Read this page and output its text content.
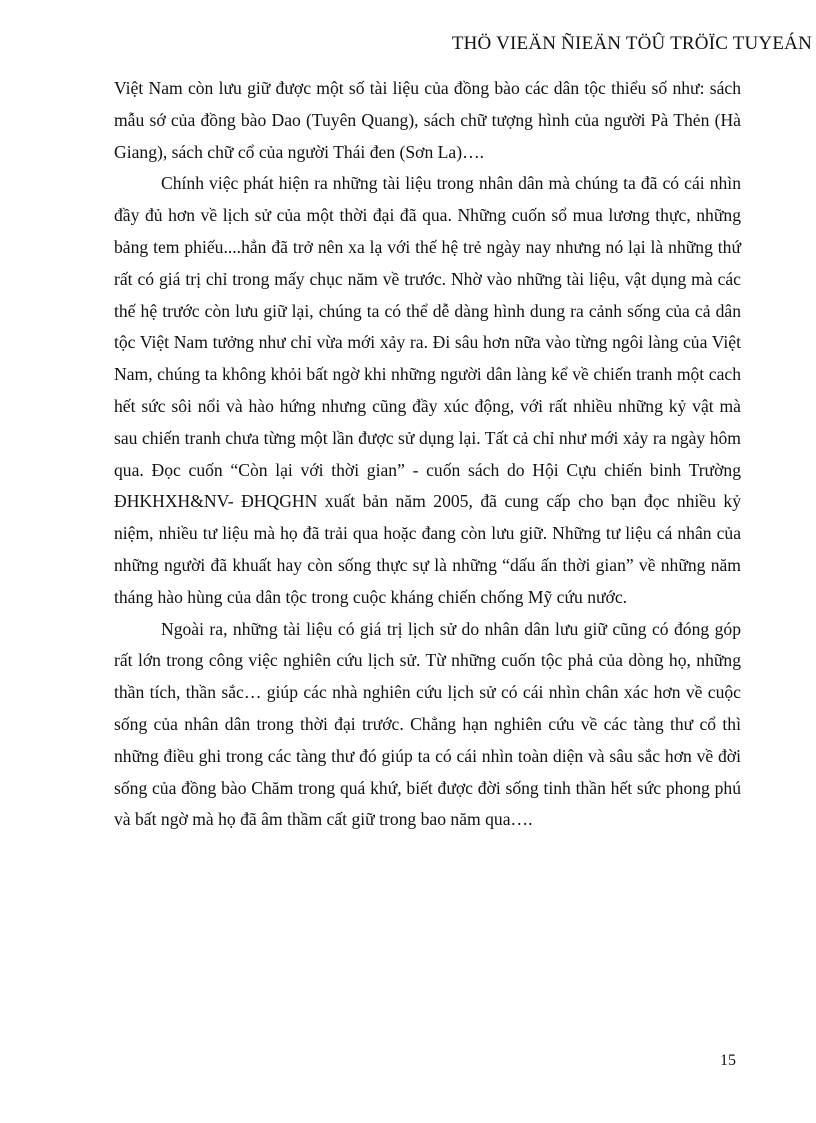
THÖ VIEÄN ÑIEÄN TÖÛ TRÖÏC TUYEÁN

Việt Nam còn lưu giữ được một số tài liệu của đồng bào các dân tộc thiểu số như: sách mẫu sớ của đồng bào Dao (Tuyên Quang), sách chữ tượng hình của người Pà Thẻn (Hà Giang), sách chữ cổ của người Thái đen (Sơn La)….

Chính việc phát hiện ra những tài liệu trong nhân dân mà chúng ta đã có cái nhìn đầy đủ hơn về lịch sử của một thời đại đã qua. Những cuốn sổ mua lương thực, những bảng tem phiếu....hẳn đã trở nên xa lạ với thế hệ trẻ ngày nay nhưng nó lại là những thứ rất có giá trị chỉ trong mấy chục năm về trước. Nhờ vào những tài liệu, vật dụng mà các thế hệ trước còn lưu giữ lại, chúng ta có thể dễ dàng hình dung ra cảnh sống của cả dân tộc Việt Nam tưởng như chỉ vừa mới xảy ra. Đi sâu hơn nữa vào từng ngôi làng của Việt Nam, chúng ta không khỏi bất ngờ khi những người dân làng kể về chiến tranh một cach hết sức sôi nổi và hào hứng nhưng cũng đầy xúc động, với rất nhiều những kỷ vật mà sau chiến tranh chưa từng một lần được sử dụng lại. Tất cả chỉ như mới xảy ra ngày hôm qua. Đọc cuốn “Còn lại với thời gian” - cuốn sách do Hội Cựu chiến binh Trường ĐHKHXH&NV- ĐHQGHN xuất bản năm 2005, đã cung cấp cho bạn đọc nhiều kỷ niệm, nhiều tư liệu mà họ đã trải qua hoặc đang còn lưu giữ. Những tư liệu cá nhân của những người đã khuất hay còn sống thực sự là những “dấu ấn thời gian” về những năm tháng hào hùng của dân tộc trong cuộc kháng chiến chống Mỹ cứu nước.

Ngoài ra, những tài liệu có giá trị lịch sử do nhân dân lưu giữ cũng có đóng góp rất lớn trong công việc nghiên cứu lịch sử. Từ những cuốn tộc phả của dòng họ, những thần tích, thần sắc… giúp các nhà nghiên cứu lịch sử có cái nhìn chân xác hơn về cuộc sống của nhân dân trong thời đại trước. Chẳng hạn nghiên cứu về các tàng thư cổ thì những điều ghi trong các tàng thư đó giúp ta có cái nhìn toàn diện và sâu sắc hơn về đời sống của đồng bào Chăm trong quá khứ, biết được đời sống tinh thần hết sức phong phú và bất ngờ mà họ đã âm thầm cất giữ trong bao năm qua….

15
